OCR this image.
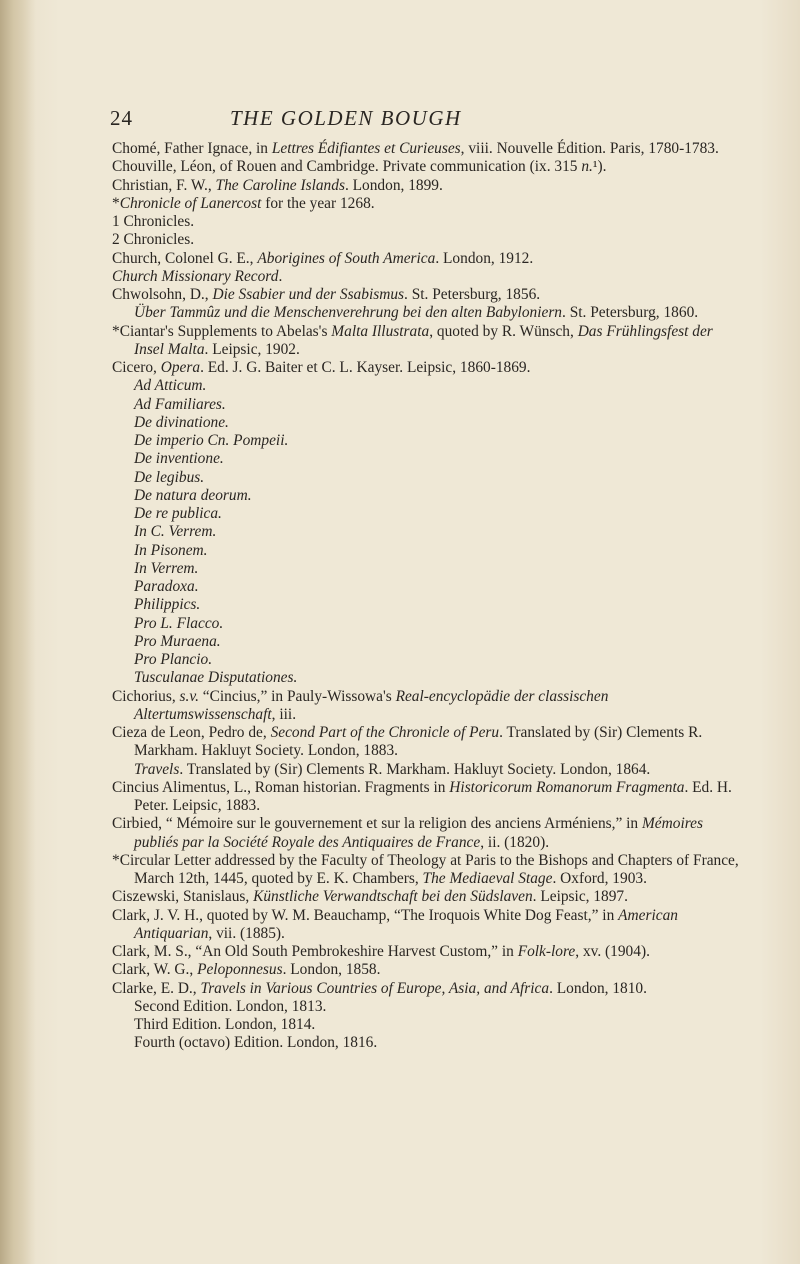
24	THE GOLDEN BOUGH

Chomé, Father Ignace, in Lettres Édifiantes et Curieuses, viii. Nouvelle Édition. Paris, 1780-1783.

Chouville, Léon, of Rouen and Cambridge. Private communication (ix. 315 n.¹).

Christian, F. W., The Caroline Islands. London, 1899.

*Chronicle of Lanercost for the year 1268.

1 Chronicles.

2 Chronicles.

Church, Colonel G. E., Aborigines of South America. London, 1912.

Church Missionary Record.

Chwolsohn, D., Die Ssabier und der Ssabismus. St. Petersburg, 1856.

Über Tammûz und die Menschenverehrung bei den alten Babyloniern. St. Petersburg, 1860.

*Ciantar's Supplements to Abelas's Malta Illustrata, quoted by R. Wünsch, Das Frühlingsfest der Insel Malta. Leipsic, 1902.

Cicero, Opera. Ed. J. G. Baiter et C. L. Kayser. Leipsic, 1860-1869.

Ad Atticum.

Ad Familiares.

De divinatione.

De imperio Cn. Pompeii.

De inventione.

De legibus.

De natura deorum.

De re publica.

In C. Verrem.

In Pisonem.

In Verrem.

Paradoxa.

Philippics.

Pro L. Flacco.

Pro Muraena.

Pro Plancio.

Tusculanae Disputationes.

Cichorius, s.v. “Cincius,” in Pauly-Wissowa's Real-encyclopädie der classischen Altertumswissenschaft, iii.

Cieza de Leon, Pedro de, Second Part of the Chronicle of Peru. Translated by (Sir) Clements R. Markham. Hakluyt Society. London, 1883.

Travels. Translated by (Sir) Clements R. Markham. Hakluyt Society. London, 1864.

Cincius Alimentus, L., Roman historian. Fragments in Historicorum Romanorum Fragmenta. Ed. H. Peter. Leipsic, 1883.

Cirbied, “ Mémoire sur le gouvernement et sur la religion des anciens Arméniens,” in Mémoires publiés par la Société Royale des Antiquaires de France, ii. (1820).

*Circular Letter addressed by the Faculty of Theology at Paris to the Bishops and Chapters of France, March 12th, 1445, quoted by E. K. Chambers, The Mediaeval Stage. Oxford, 1903.

Ciszewski, Stanislaus, Künstliche Verwandtschaft bei den Südslaven. Leipsic, 1897.

Clark, J. V. H., quoted by W. M. Beauchamp, “The Iroquois White Dog Feast,” in American Antiquarian, vii. (1885).

Clark, M. S., “An Old South Pembrokeshire Harvest Custom,” in Folk-lore, xv. (1904).

Clark, W. G., Peloponnesus. London, 1858.

Clarke, E. D., Travels in Various Countries of Europe, Asia, and Africa. London, 1810.

Second Edition. London, 1813.

Third Edition. London, 1814.

Fourth (octavo) Edition. London, 1816.
